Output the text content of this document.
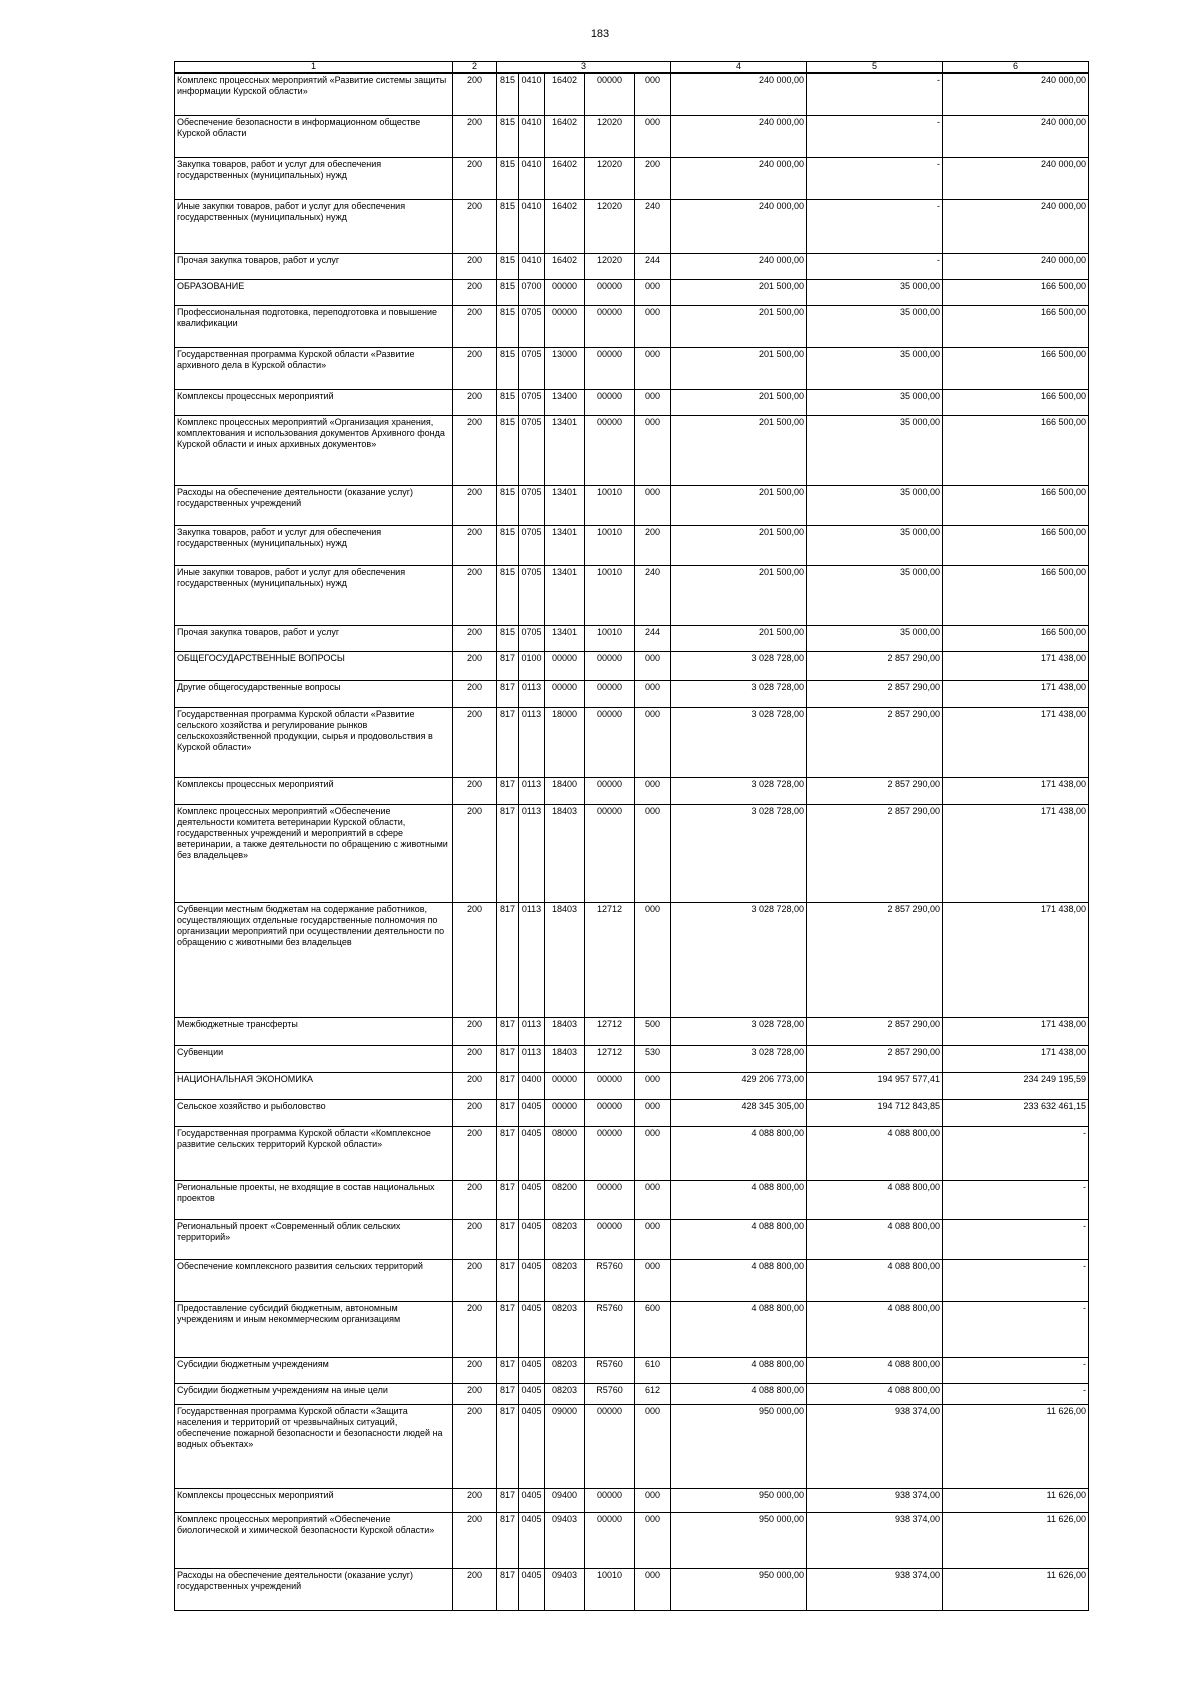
183
1	2	3					4	5	6
Комплекс процессных мероприятий «Развитие системы защиты информации Курской области»	200	815	0410	16402	00000	000	240 000,00	-	240 000,00
Обеспечение безопасности в информационном обществе Курской области	200	815	0410	16402	12020	000	240 000,00	-	240 000,00
Закупка товаров, работ и услуг для обеспечения государственных (муниципальных) нужд	200	815	0410	16402	12020	200	240 000,00	-	240 000,00
Иные закупки товаров, работ и услуг для обеспечения государственных (муниципальных) нужд	200	815	0410	16402	12020	240	240 000,00	-	240 000,00
Прочая закупка товаров, работ и услуг	200	815	0410	16402	12020	244	240 000,00	-	240 000,00
ОБРАЗОВАНИЕ	200	815	0700	00000	00000	000	201 500,00	35 000,00	166 500,00
Профессиональная подготовка, переподготовка и повышение квалификации	200	815	0705	00000	00000	000	201 500,00	35 000,00	166 500,00
Государственная программа Курской области «Развитие архивного дела в Курской области»	200	815	0705	13000	00000	000	201 500,00	35 000,00	166 500,00
Комплексы процессных мероприятий	200	815	0705	13400	00000	000	201 500,00	35 000,00	166 500,00
Комплекс процессных мероприятий «Организация хранения, комплектования и использования документов Архивного фонда Курской области и иных архивных документов»	200	815	0705	13401	00000	000	201 500,00	35 000,00	166 500,00
Расходы на обеспечение деятельности (оказание услуг) государственных учреждений	200	815	0705	13401	10010	000	201 500,00	35 000,00	166 500,00
Закупка товаров, работ и услуг для обеспечения государственных (муниципальных) нужд	200	815	0705	13401	10010	200	201 500,00	35 000,00	166 500,00
Иные закупки товаров, работ и услуг для обеспечения государственных (муниципальных) нужд	200	815	0705	13401	10010	240	201 500,00	35 000,00	166 500,00
Прочая закупка товаров, работ и услуг	200	815	0705	13401	10010	244	201 500,00	35 000,00	166 500,00
ОБЩЕГОСУДАРСТВЕННЫЕ ВОПРОСЫ	200	817	0100	00000	00000	000	3 028 728,00	2 857 290,00	171 438,00
Другие общегосударственные вопросы	200	817	0113	00000	00000	000	3 028 728,00	2 857 290,00	171 438,00
Государственная программа Курской области «Развитие сельского хозяйства и регулирование рынков сельскохозяйственной продукции, сырья и продовольствия в Курской области»	200	817	0113	18000	00000	000	3 028 728,00	2 857 290,00	171 438,00
Комплексы процессных мероприятий	200	817	0113	18400	00000	000	3 028 728,00	2 857 290,00	171 438,00
Комплекс процессных мероприятий «Обеспечение деятельности комитета ветеринарии Курской области, государственных учреждений и мероприятий в сфере ветеринарии, а также деятельности по обращению с животными без владельцев»	200	817	0113	18403	00000	000	3 028 728,00	2 857 290,00	171 438,00
Субвенции местным бюджетам на содержание работников, осуществляющих отдельные государственные полномочия по организации мероприятий при осуществлении деятельности по обращению с животными без владельцев	200	817	0113	18403	12712	000	3 028 728,00	2 857 290,00	171 438,00
Межбюджетные трансферты	200	817	0113	18403	12712	500	3 028 728,00	2 857 290,00	171 438,00
Субвенции	200	817	0113	18403	12712	530	3 028 728,00	2 857 290,00	171 438,00
НАЦИОНАЛЬНАЯ ЭКОНОМИКА	200	817	0400	00000	00000	000	429 206 773,00	194 957 577,41	234 249 195,59
Сельское хозяйство и рыболовство	200	817	0405	00000	00000	000	428 345 305,00	194 712 843,85	233 632 461,15
Государственная программа Курской области «Комплексное развитие сельских территорий Курской области»	200	817	0405	08000	00000	000	4 088 800,00	4 088 800,00	-
Региональные проекты, не входящие в состав национальных проектов	200	817	0405	08200	00000	000	4 088 800,00	4 088 800,00	-
Региональный проект «Современный облик сельских территорий»	200	817	0405	08203	00000	000	4 088 800,00	4 088 800,00	-
Обеспечение комплексного развития сельских территорий	200	817	0405	08203	R5760	000	4 088 800,00	4 088 800,00	-
Предоставление субсидий бюджетным, автономным учреждениям и иным некоммерческим организациям	200	817	0405	08203	R5760	600	4 088 800,00	4 088 800,00	-
Субсидии бюджетным учреждениям	200	817	0405	08203	R5760	610	4 088 800,00	4 088 800,00	-
Субсидии бюджетным учреждениям на иные цели	200	817	0405	08203	R5760	612	4 088 800,00	4 088 800,00	-
Государственная программа Курской области «Защита населения и территорий от чрезвычайных ситуаций, обеспечение пожарной безопасности и безопасности людей на водных объектах»	200	817	0405	09000	00000	000	950 000,00	938 374,00	11 626,00
Комплексы процессных мероприятий	200	817	0405	09400	00000	000	950 000,00	938 374,00	11 626,00
Комплекс процессных мероприятий «Обеспечение биологической и химической безопасности Курской области»	200	817	0405	09403	00000	000	950 000,00	938 374,00	11 626,00
Расходы на обеспечение деятельности (оказание услуг) государственных учреждений	200	817	0405	09403	10010	000	950 000,00	938 374,00	11 626,00
